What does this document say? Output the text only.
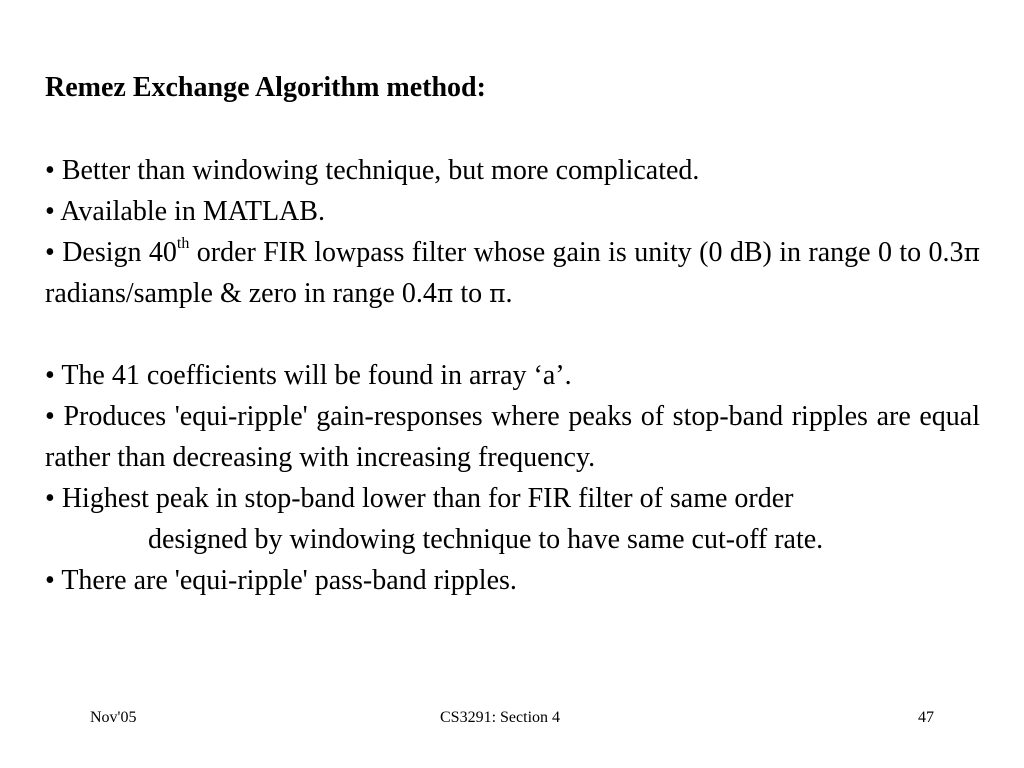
Remez Exchange Algorithm method:

• Better than windowing technique, but more complicated.

• Available in MATLAB.

• Design 40th order FIR lowpass filter whose gain is unity (0 dB) in range 0 to 0.3π radians/sample & zero in range 0.4π to π.

• The 41 coefficients will be found in array ‘a’.

• Produces 'equi-ripple' gain-responses where peaks of stop-band ripples are equal rather than decreasing with increasing frequency.

• Highest peak in stop-band lower than for FIR filter of same order
designed by windowing technique to have same cut-off rate.

• There are 'equi-ripple' pass-band ripples.

Nov'05	CS3291: Section 4	47
